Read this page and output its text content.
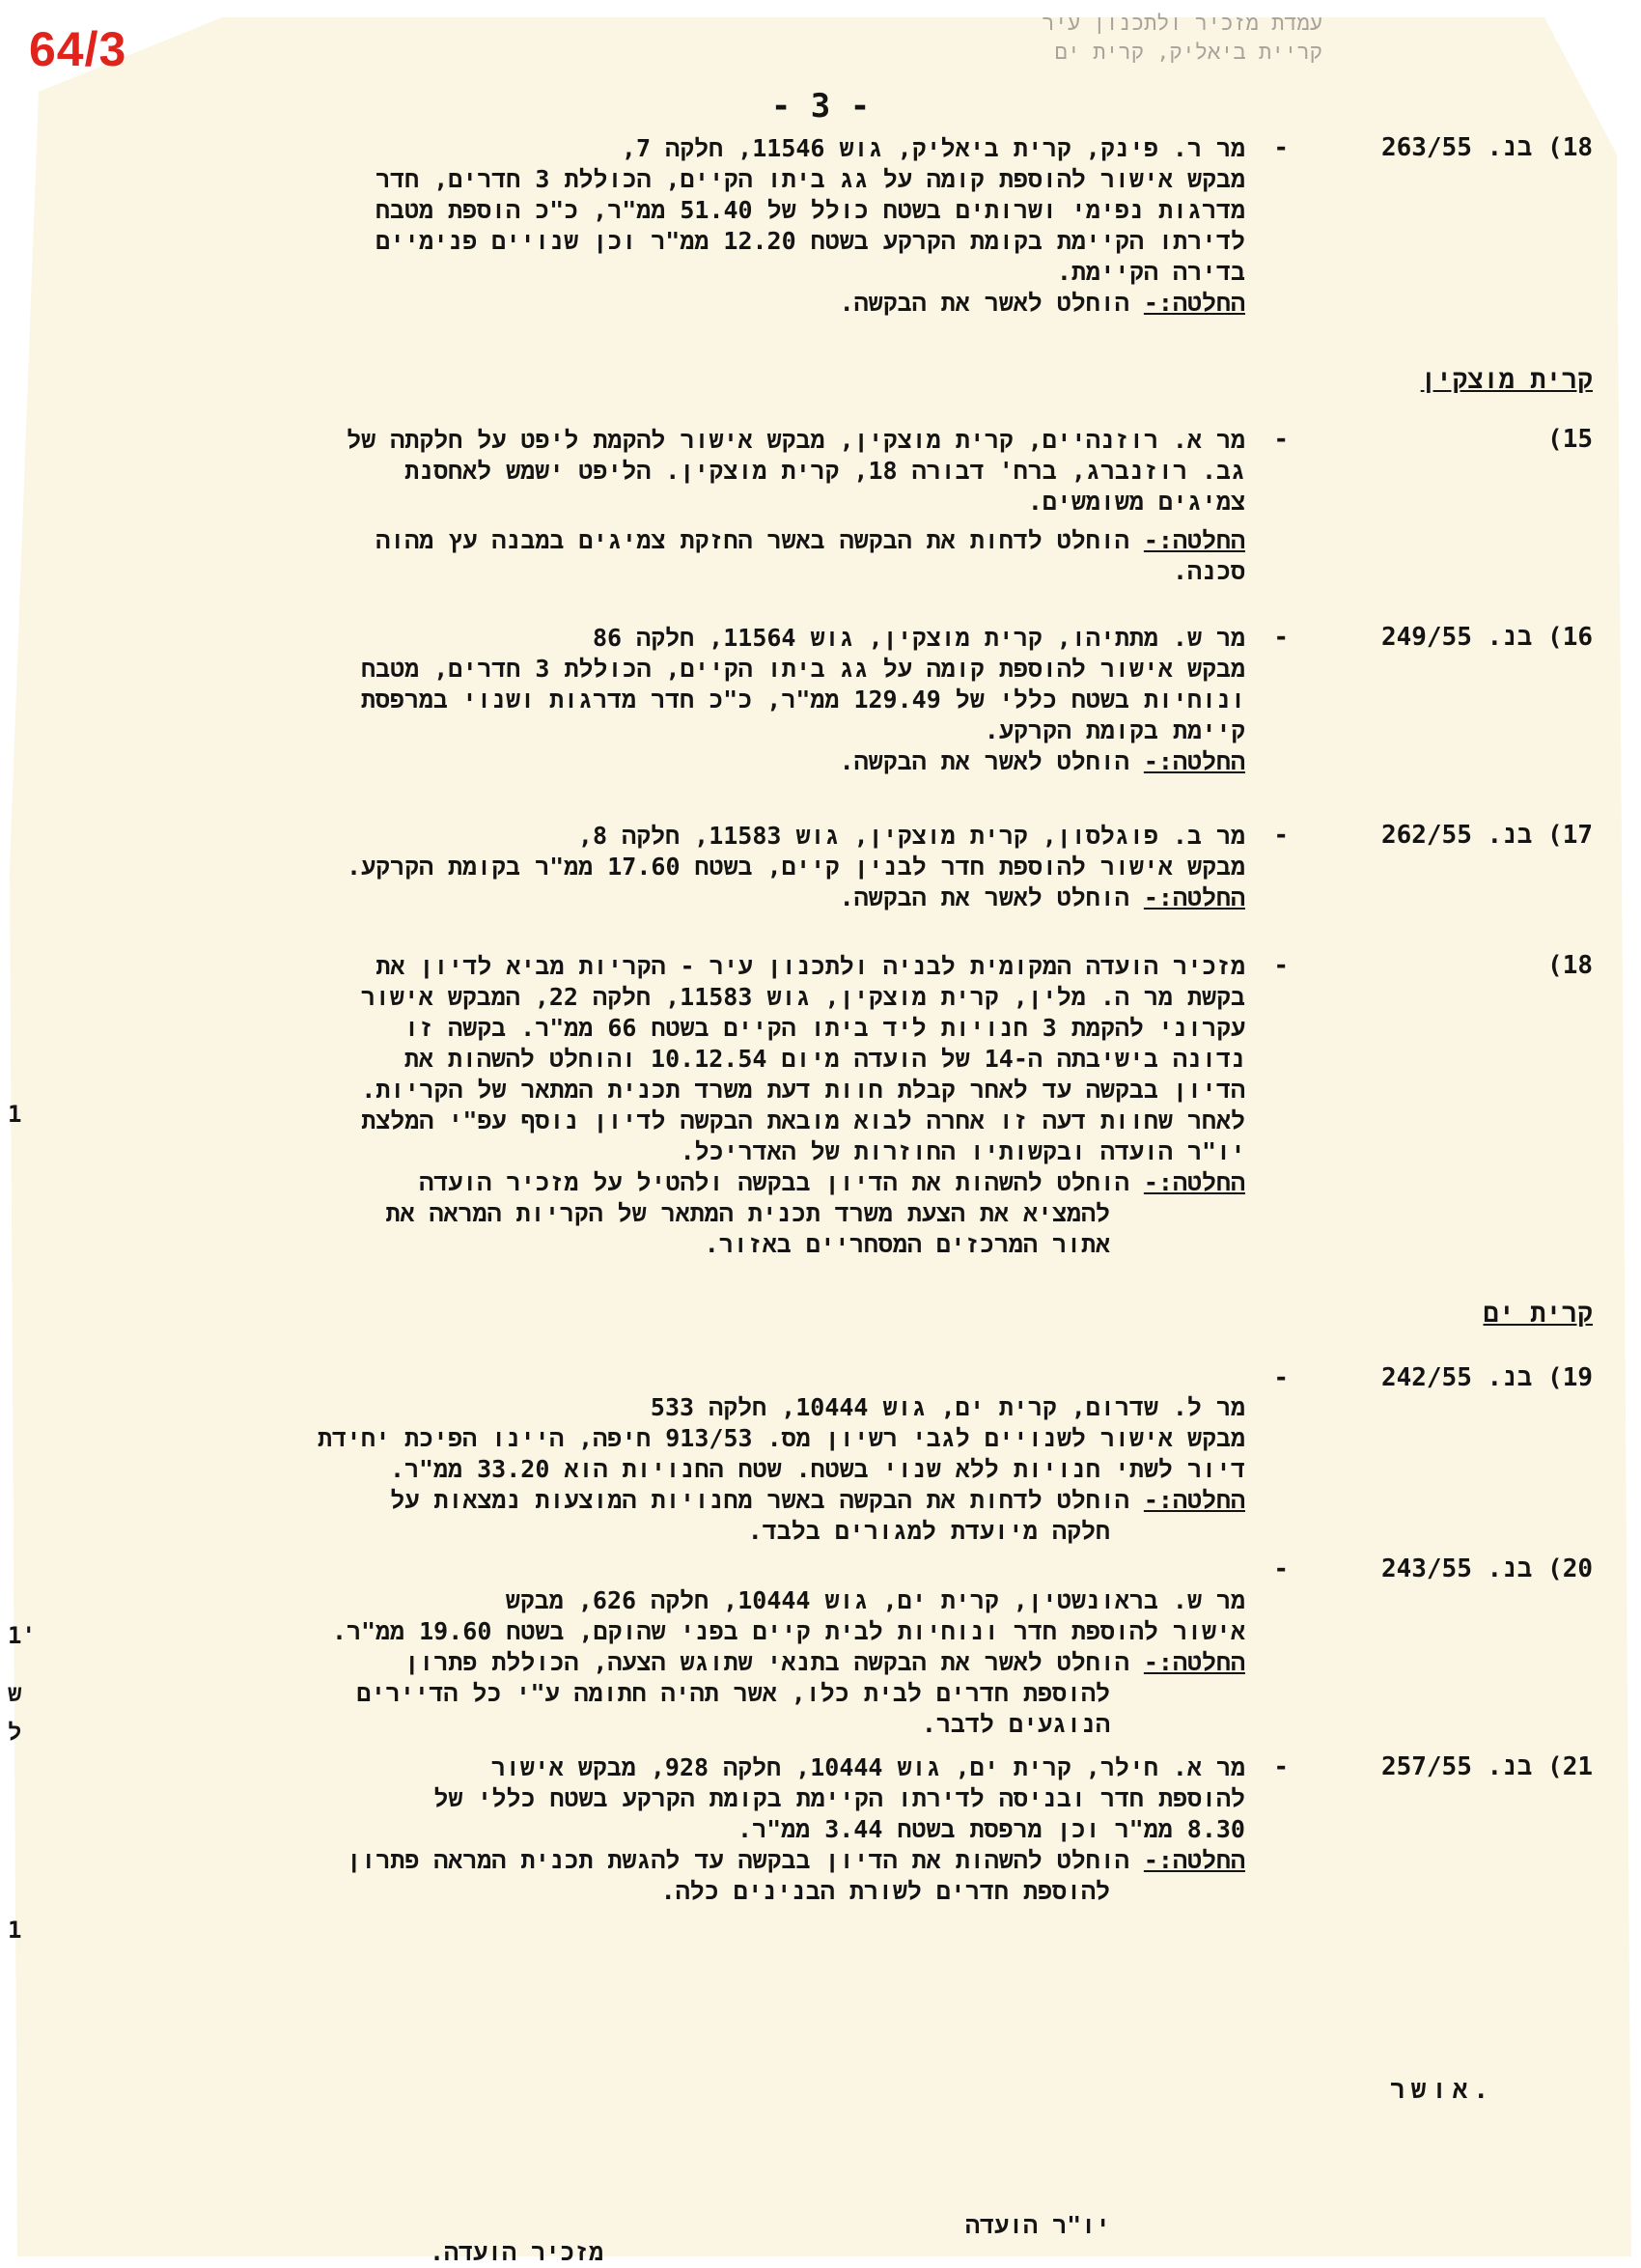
64/3	עמדת מזכיר ולתכנון עיר
קריית ביאליק, קרית ים
- 3 -
18) בנ. 263/55
-
מר ר. פינק, קרית ביאליק, גוש 11546, חלקה 7,
מבקש אישור להוספת קומה על גג ביתו הקיים, הכוללת 3 חדרים, חדר
מדרגות נפימי ושרותים בשטח כולל של 51.40 ממ"ר, כ"כ הוספת מטבח
לדירתו הקיימת בקומת הקרקע בשטח 12.20 ממ"ר וכן שנויים פנימיים
בדירה הקיימת.
החלטה:- הוחלט לאשר את הבקשה.
קרית מוצקין
15)
-
מר א. רוזנהיים, קרית מוצקין, מבקש אישור להקמת ליפט על חלקתה של
גב. רוזנברג, ברח' דבורה 18, קרית מוצקין. הליפט ישמש לאחסנת
צמיגים משומשים.
החלטה:- הוחלט לדחות את הבקשה באשר החזקת צמיגים במבנה עץ מהוה
סכנה.
16) בנ. 249/55
-
מר ש. מתתיהו, קרית מוצקין, גוש 11564, חלקה 86
מבקש אישור להוספת קומה על גג ביתו הקיים, הכוללת 3 חדרים, מטבח
ונוחיות בשטח כללי של 129.49 ממ"ר, כ"כ חדר מדרגות ושנוי במרפסת
קיימת בקומת הקרקע.
החלטה:- הוחלט לאשר את הבקשה.
17) בנ. 262/55
-
מר ב. פוגלסון, קרית מוצקין, גוש 11583, חלקה 8,
מבקש אישור להוספת חדר לבנין קיים, בשטח 17.60 ממ"ר בקומת הקרקע.
החלטה:- הוחלט לאשר את הבקשה.
18)
-
מזכיר הועדה המקומית לבניה ולתכנון עיר - הקריות מביא לדיון את
בקשת מר ה. מלין, קרית מוצקין, גוש 11583, חלקה 22, המבקש אישור
עקרוני להקמת 3 חנויות ליד ביתו הקיים בשטח 66 ממ"ר. בקשה זו
נדונה בישיבתה ה-14 של הועדה מיום 10.12.54 והוחלט להשהות את
הדיון בבקשה עד לאחר קבלת חוות דעת משרד תכנית המתאר של הקריות.
לאחר שחוות דעה זו אחרה לבוא מובאת הבקשה לדיון נוסף עפ"י המלצת
יו"ר הועדה ובקשותיו החוזרות של האדריכל.
החלטה:- הוחלט להשהות את הדיון בבקשה ולהטיל על מזכיר הועדה
להמציא את הצעת משרד תכנית המתאר של הקריות המראה את
אתור המרכזים המסחריים באזור.
קרית ים
19) בנ. 242/55
-
מר ל. שדרום, קרית ים, גוש 10444, חלקה 533
מבקש אישור לשנויים לגבי רשיון מס. 913/53 חיפה, היינו הפיכת יחידת
דיור לשתי חנויות ללא שנוי בשטח. שטח החנויות הוא 33.20 ממ"ר.
החלטה:- הוחלט לדחות את הבקשה באשר מחנויות המוצעות נמצאות על
חלקה מיועדת למגורים בלבד.
20) בנ. 243/55
-
מר ש. בראונשטין, קרית ים, גוש 10444, חלקה 626, מבקש
אישור להוספת חדר ונוחיות לבית קיים בפני שהוקם, בשטח 19.60 ממ"ר.
החלטה:- הוחלט לאשר את הבקשה בתנאי שתוגש הצעה, הכוללת פתרון
להוספת חדרים לבית כלו, אשר תהיה חתומה ע"י כל הדיירים
הנוגעים לדבר.
21) בנ. 257/55
-
מר א. חילר, קרית ים, גוש 10444, חלקה 928, מבקש אישור
להוספת חדר ובניסה לדירתו הקיימת בקומת הקרקע בשטח כללי של
8.30 ממ"ר וכן מרפסת בשטח 3.44 ממ"ר.
החלטה:- הוחלט להשהות את הדיון בבקשה עד להגשת תכנית המראה פתרון
להוספת חדרים לשורת הבנינים כלה.
אושר.
יו"ר הועדה
מזכיר הועדה.
1
1'
ש
ל
1
